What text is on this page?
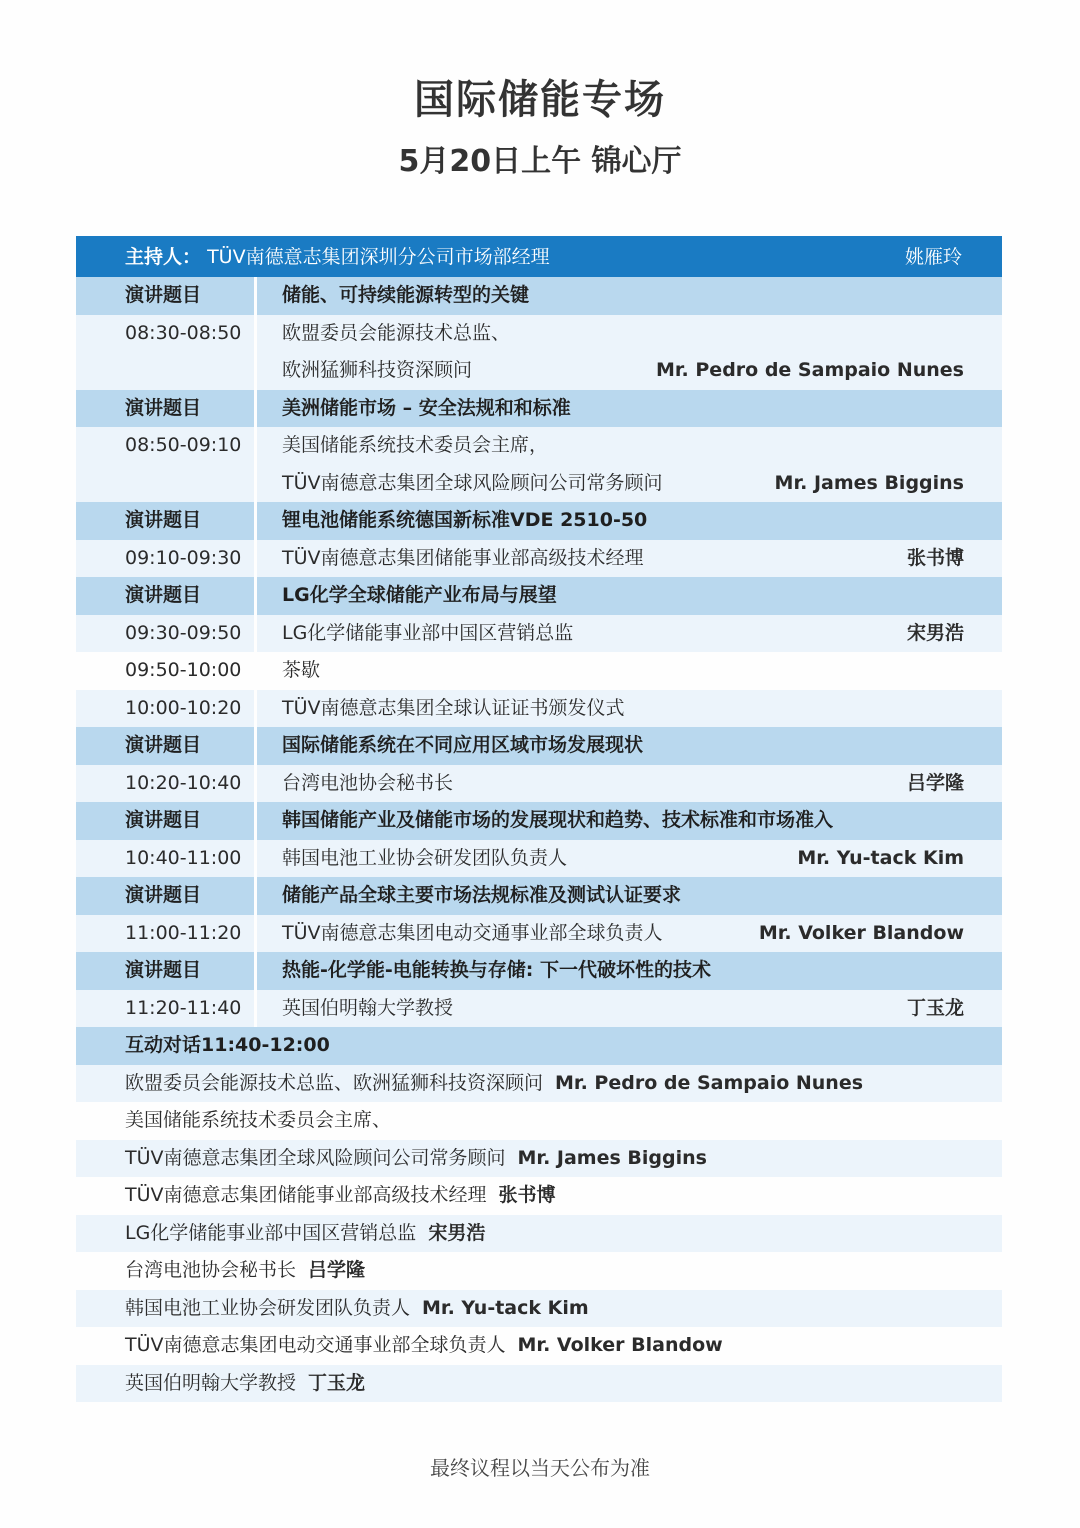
国际储能专场
5月20日上午 锦心厅
主持人： TÜV南德意志集团深圳分公司市场部经理	姚雁玲
演讲题目	储能、可持续能源转型的关键
08:30-08:50 欧盟委员会能源技术总监、
欧洲猛狮科技资深顾问	Mr. Pedro de Sampaio Nunes
演讲题目	美洲储能市场 – 安全法规和和标准
08:50-09:10 美国储能系统技术委员会主席，
TÜV南德意志集团全球风险顾问公司常务顾问	Mr. James Biggins
演讲题目	锂电池储能系统德国新标准VDE 2510-50
09:10-09:30 TÜV南德意志集团储能事业部高级技术经理	张书博
演讲题目	LG化学全球储能产业布局与展望
09:30-09:50 LG化学储能事业部中国区营销总监	宋男浩
09:50-10:00 茶歇
10:00-10:20 TÜV南德意志集团全球认证证书颁发仪式
演讲题目	国际储能系统在不同应用区域市场发展现状
10:20-10:40 台湾电池协会秘书长	吕学隆
演讲题目	韩国储能产业及储能市场的发展现状和趋势、技术标准和市场准入
10:40-11:00 韩国电池工业协会研发团队负责人	Mr. Yu-tack Kim
演讲题目	储能产品全球主要市场法规标准及测试认证要求
11:00-11:20 TÜV南德意志集团电动交通事业部全球负责人	Mr. Volker Blandow
演讲题目	热能-化学能-电能转换与存储: 下一代破坏性的技术
11:20-11:40 英国伯明翰大学教授	丁玉龙
互动对话11:40-12:00
欧盟委员会能源技术总监、欧洲猛狮科技资深顾问 Mr. Pedro de Sampaio Nunes
美国储能系统技术委员会主席、
TÜV南德意志集团全球风险顾问公司常务顾问 Mr. James Biggins
TÜV南德意志集团储能事业部高级技术经理 张书博
LG化学储能事业部中国区营销总监 宋男浩
台湾电池协会秘书长 吕学隆
韩国电池工业协会研发团队负责人 Mr. Yu-tack Kim
TÜV南德意志集团电动交通事业部全球负责人 Mr. Volker Blandow
英国伯明翰大学教授 丁玉龙
最终议程以当天公布为准
